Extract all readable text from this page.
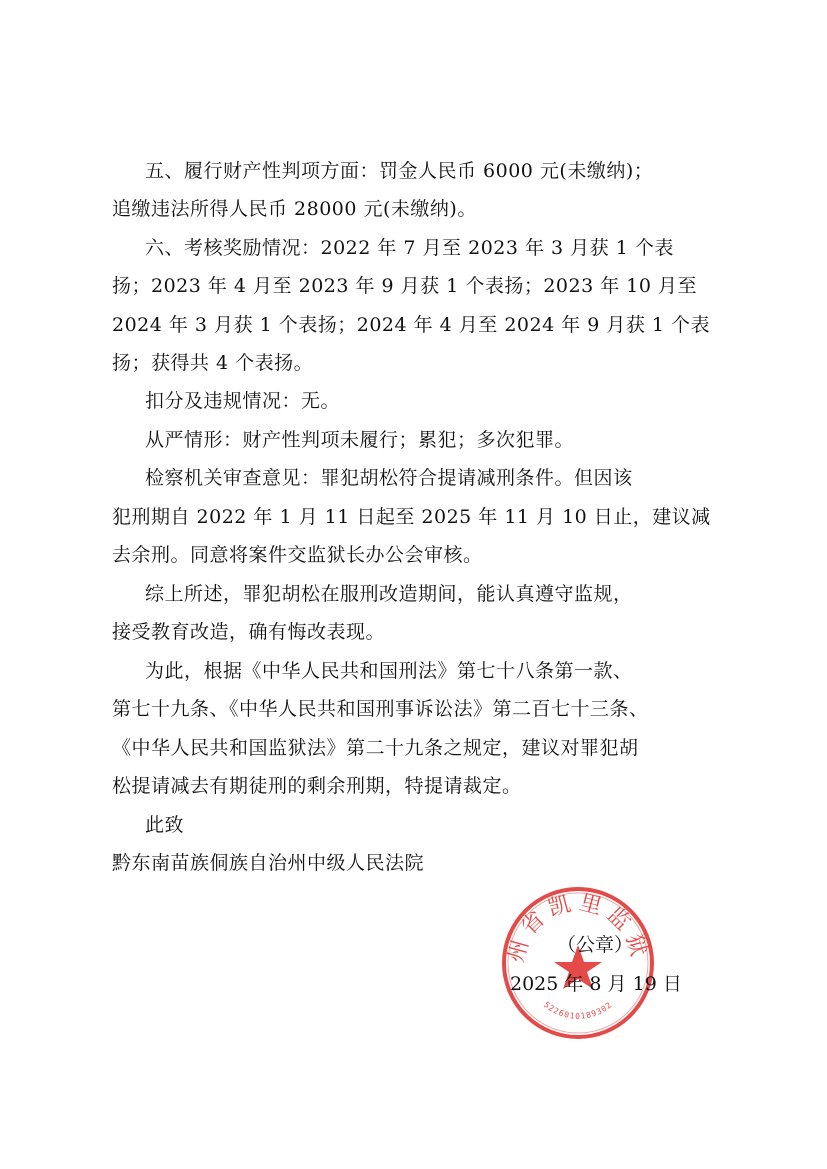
五、履行财产性判项方面：罚金人民币 6000 元(未缴纳)；
追缴违法所得人民币 28000 元(未缴纳)。
六、考核奖励情况：2022 年 7 月至 2023 年 3 月获 1 个表
扬；2023 年 4 月至 2023 年 9 月获 1 个表扬；2023 年 10 月至
2024 年 3 月获 1 个表扬；2024 年 4 月至 2024 年 9 月获 1 个表
扬；获得共 4 个表扬。
扣分及违规情况：无。
从严情形：财产性判项未履行；累犯；多次犯罪。
检察机关审查意见：罪犯胡松符合提请减刑条件。但因该
犯刑期自 2022 年 1 月 11 日起至 2025 年 11 月 10 日止，建议减
去余刑。同意将案件交监狱长办公会审核。
综上所述，罪犯胡松在服刑改造期间，能认真遵守监规，
接受教育改造，确有悔改表现。
为此，根据《中华人民共和国刑法》第七十八条第一款、
第七十九条、《中华人民共和国刑事诉讼法》第二百七十三条、
《中华人民共和国监狱法》第二十九条之规定，建议对罪犯胡
松提请减去有期徒刑的剩余刑期，特提请裁定。
此致
黔东南苗族侗族自治州中级人民法院
州省凯里监狱
5226010189302
（公章）
2025 年 8 月 19 日
